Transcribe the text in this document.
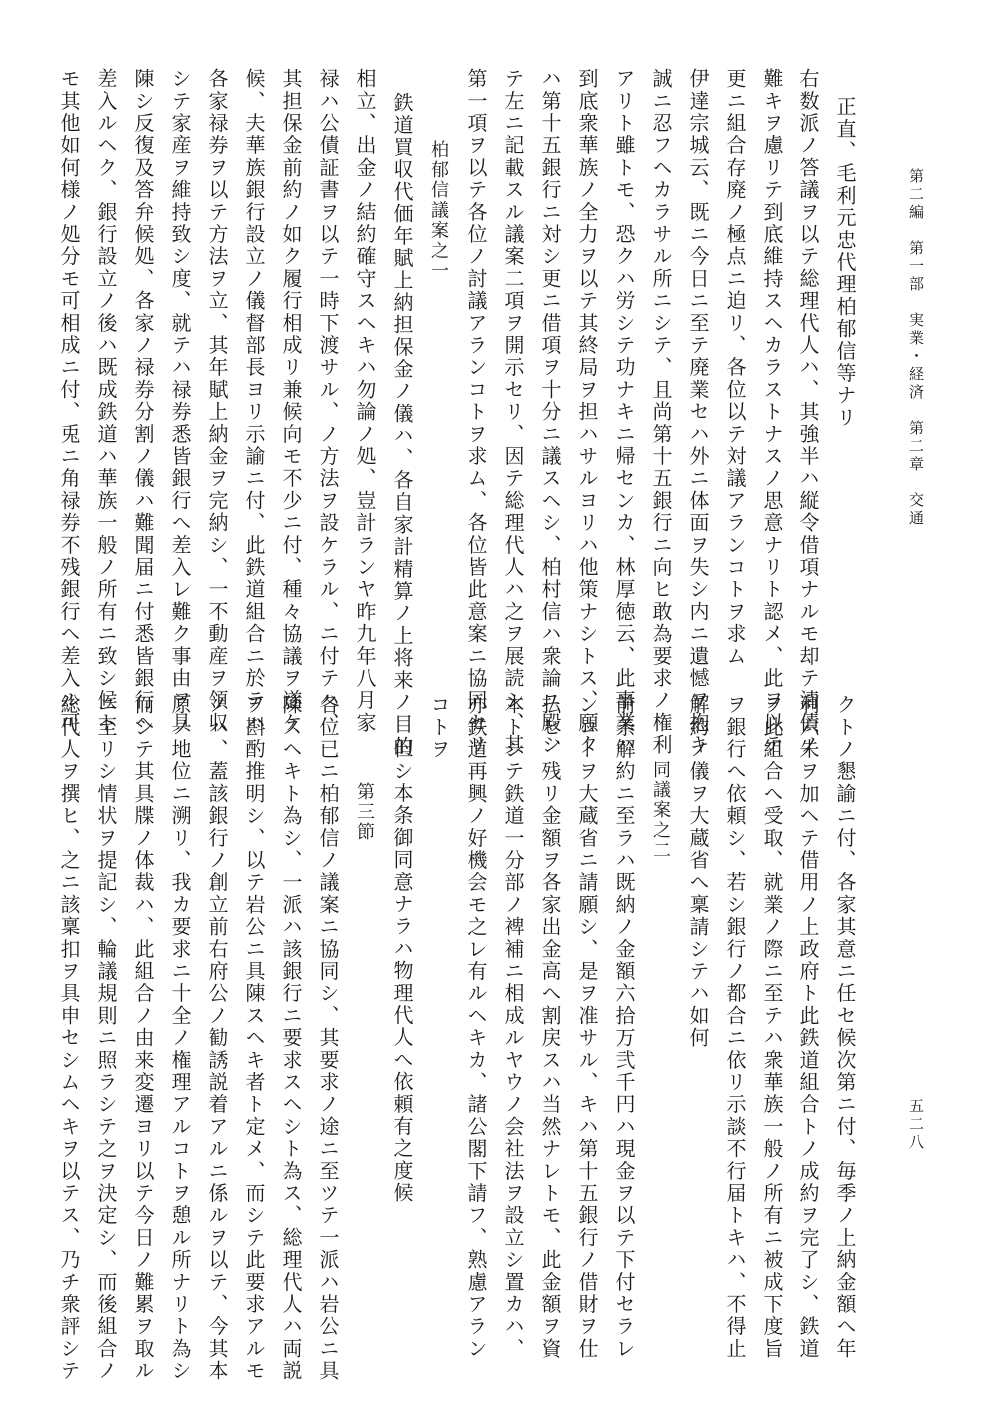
第二編　第一部　実業・経済　第二章　交通
五二八
正直、毛利元忠代理柏郁信等ナリ
右数派ノ答議ヲ以テ総理代人ハ、其強半ハ縦令借項ナルモ却テ清債ノ
難キヲ慮リテ到底維持スヘカラストナスノ思意ナリト認メ、此ヲ以テ
更ニ組合存廃ノ極点ニ迫リ、各位以テ対議アランコトヲ求ム
伊達宗城云、既ニ今日ニ至テ廃業セハ外ニ体面ヲ失シ内ニ遺憾ヲ抱キ
誠ニ忍フヘカラサル所ニシテ、且尚第十五銀行ニ向ヒ敢為要求ノ権利
アリト雖トモ、恐クハ労シテ功ナキニ帰センカ、林厚徳云、此事業ハ
到底衆華族ノ全力ヲ以テ其終局ヲ担ハサルヨリハ他策ナシトス、願ク
ハ第十五銀行ニ対シ更ニ借項ヲ十分ニ議スヘシ、柏村信ハ衆論ニ殿シ
テ左ニ記載スル議案二項ヲ開示セリ、因テ総理代人ハ之ヲ展読シ、其
第一項ヲ以テ各位ノ討議アランコトヲ求ム、各位皆此意案ニ協同セリ
柏郁信議案之一
鉄道買収代価年賦上納担保金ノ儀ハ、各自家計精算ノ上将来ノ目的
相立、出金ノ結約確守スヘキハ勿論ノ処、豈計ランヤ昨九年八月家
禄ハ公債証書ヲ以テ一時下渡サル、ノ方法ヲ設ケラル、ニ付テハ、
其担保金前約ノ如ク履行相成リ兼候向モ不少ニ付、種々協議ヲ遂ケ
候、夫華族銀行設立ノ儀督部長ヨリ示諭ニ付、此鉄道組合ニ於テハ
各家禄券ヲ以テ方法ヲ立、其年賦上納金ヲ完納シ、一不動産ヲ領収
シテ家産ヲ維持致シ度、就テハ禄券悉皆銀行へ差入レ難ク事由ヲ具
陳シ反復及答弁候処、各家ノ禄券分割ノ儀ハ難聞届ニ付悉皆銀行へ
差入ルヘク、銀行設立ノ後ハ既成鉄道ハ華族一般ノ所有ニ致シ候ト
モ其他如何様ノ処分モ可相成ニ付、兎ニ角禄券不残銀行へ差入ル可
クトノ懇諭ニ付、各家其意ニ任セ候次第ニ付、毎季ノ上納金額へ年
利六朱ヲ加ヘテ借用ノ上政府ト此鉄道組合トノ成約ヲ完了シ、鉄道
ヲ此組合へ受取、就業ノ際ニ至テハ衆華族一般ノ所有ニ被成下度旨
ヲ銀行へ依頼シ、若シ銀行ノ都合ニ依リ示談不行届トキハ、不得止
解約ノ儀ヲ大蔵省へ稟請シテハ如何
同議案之二
前条解約ニ至ラハ既納ノ金額六拾万弐千円ハ現金ヲ以テ下付セラレ
ンコトヲ大蔵省ニ請願シ、是ヲ准サル、キハ第十五銀行ノ借財ヲ仕
払ヒ、残リ金額ヲ各家出金高へ割戻スハ当然ナレトモ、此金額ヲ資
本トシテ鉄道一分部ノ裨補ニ相成ルヤウノ会社法ヲ設立シ置カハ、
亦鉄道再興ノ好機会モ之レ有ルヘキカ、諸公閣下請フ、熟慮アラン
コトヲ
但シ本条御同意ナラハ物理代人へ依頼有之度候
第三節
各位已ニ柏郁信ノ議案ニ協同シ、其要求ノ途ニ至ツテ一派ハ岩公ニ具
陳スヘキト為シ、一派ハ該銀行ニ要求スヘシト為ス、総理代人ハ両説
ヲ斟酌推明シ、以テ岩公ニ具陳スヘキ者ト定メ、而シテ此要求アルモ
ノハ、蓋該銀行ノ創立前右府公ノ勧誘説着アルニ係ルヲ以テ、今其本
原ノ地位ニ溯リ、我カ要求ニ十全ノ権理アルコトヲ憩ル所ナリト為シ
而シテ其具牒ノ体裁ハ、此組合ノ由来変遷ヨリ以テ今日ノ難累ヲ取ル
ニ至リシ情状ヲ提記シ、輪議規則ニ照ラシテ之ヲ決定シ、而後組合ノ
総代人ヲ撰ヒ、之ニ該稟扣ヲ具申セシムヘキヲ以テス、乃チ衆評シテ
